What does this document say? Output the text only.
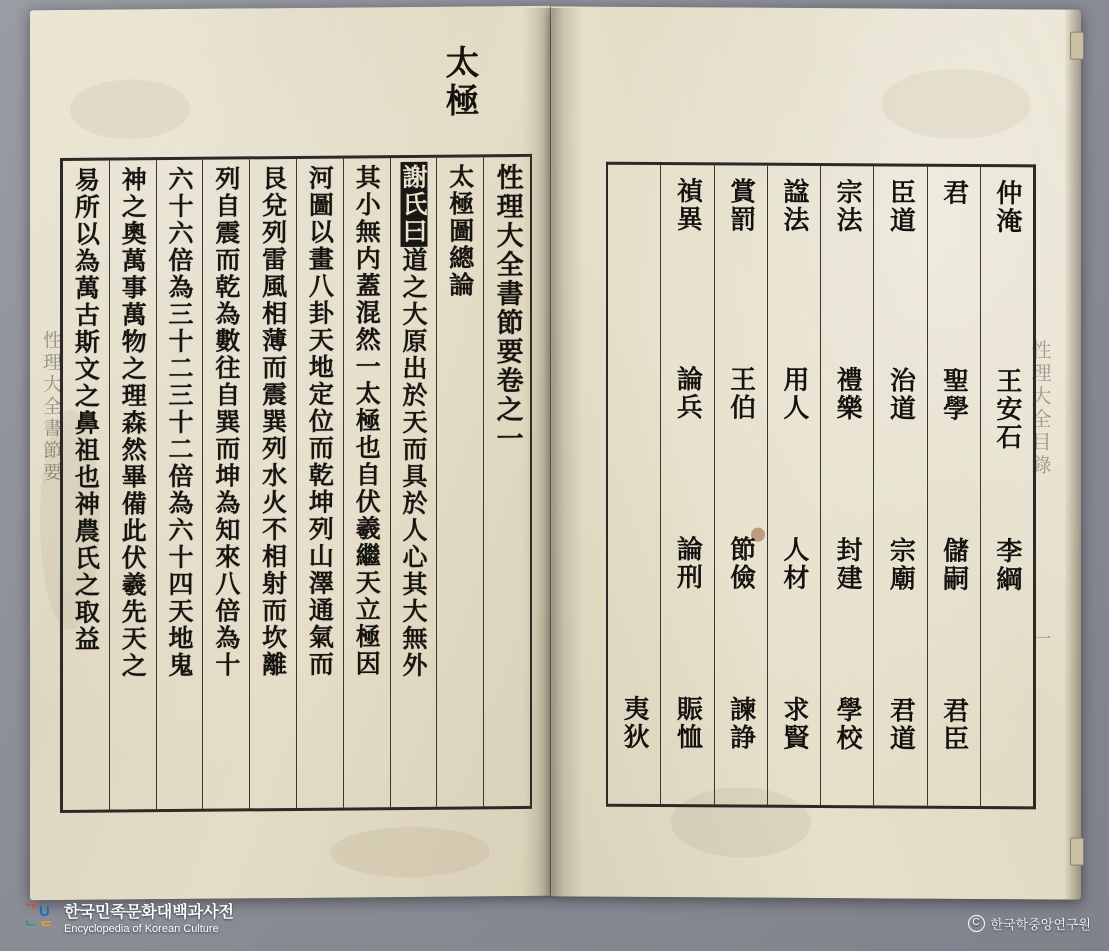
太極
性理大全書節要	性理大全書節要卷之一
太極圖總論
謝氏曰道之大原出於天而具於人心其大無外
其小無内蓋混然一太極也自伏羲繼天立極因
河圖以畫八卦天地定位而乾坤列山澤通氣而
艮兌列雷風相薄而震巽列水火不相射而坎離
列自震而乾為數往自巽而坤為知來八倍為十
六十六倍為三十二三十二倍為六十四天地鬼
神之奧萬事萬物之理森然畢備此伏羲先天之
易所以為萬古斯文之鼻祖也神農氏之取益	性理大全目錄
一
仲淹
王安石
李綱
君
聖學
儲嗣
君臣
臣道
治道
宗廟
君道
宗法
禮樂
封建
學校
諡法
用人
人材
求賢
賞罰
王伯
節儉
諫諍
禎異
論兵
論刑
賑恤
夷狄
ᄀ U
ᄂ ᄃ
한국민족문화대백과사전
Encyclopedia of Korean Culture
C 한국학중앙연구원
